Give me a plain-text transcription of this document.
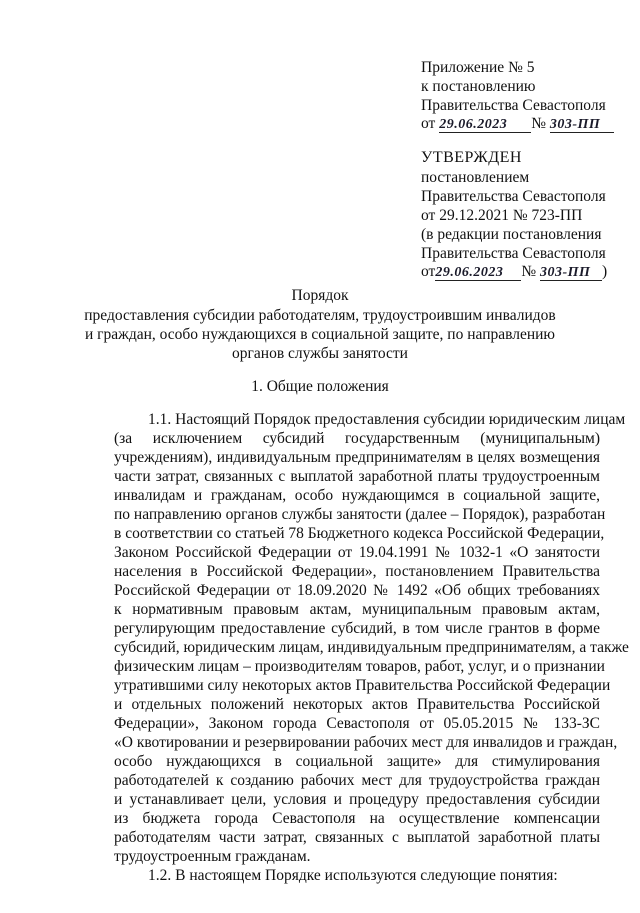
Приложение № 5
к постановлению
Правительства Севастополя
от 29.06.2023 № 303-ПП
УТВЕРЖДЕН
постановлением
Правительства Севастополя
от 29.12.2021 № 723-ПП
(в редакции постановления
Правительства Севастополя
от29.06.2023 № 303-ПП )
Порядок
предоставления субсидии работодателям, трудоустроившим инвалидов
и граждан, особо нуждающихся в социальной защите, по направлению
органов службы занятости
1. Общие положения
1.1. Настоящий Порядок предоставления субсидии юридическим лицам
(за исключением субсидий государственным (муниципальным)
учреждениям), индивидуальным предпринимателям в целях возмещения
части затрат, связанных с выплатой заработной платы трудоустроенным
инвалидам и гражданам, особо нуждающимся в социальной защите,
по направлению органов службы занятости (далее – Порядок), разработан
в соответствии со статьей 78 Бюджетного кодекса Российской Федерации,
Законом Российской Федерации от 19.04.1991 № 1032-1 «О занятости
населения в Российской Федерации», постановлением Правительства
Российской Федерации от 18.09.2020 № 1492 «Об общих требованиях
к нормативным правовым актам, муниципальным правовым актам,
регулирующим предоставление субсидий, в том числе грантов в форме
субсидий, юридическим лицам, индивидуальным предпринимателям, а также
физическим лицам – производителям товаров, работ, услуг, и о признании
утратившими силу некоторых актов Правительства Российской Федерации
и отдельных положений некоторых актов Правительства Российской
Федерации», Законом города Севастополя от 05.05.2015 № 133-ЗС
«О квотировании и резервировании рабочих мест для инвалидов и граждан,
особо нуждающихся в социальной защите» для стимулирования
работодателей к созданию рабочих мест для трудоустройства граждан
и устанавливает цели, условия и процедуру предоставления субсидии
из бюджета города Севастополя на осуществление компенсации
работодателям части затрат, связанных с выплатой заработной платы
трудоустроенным гражданам.
1.2. В настоящем Порядке используются следующие понятия:
